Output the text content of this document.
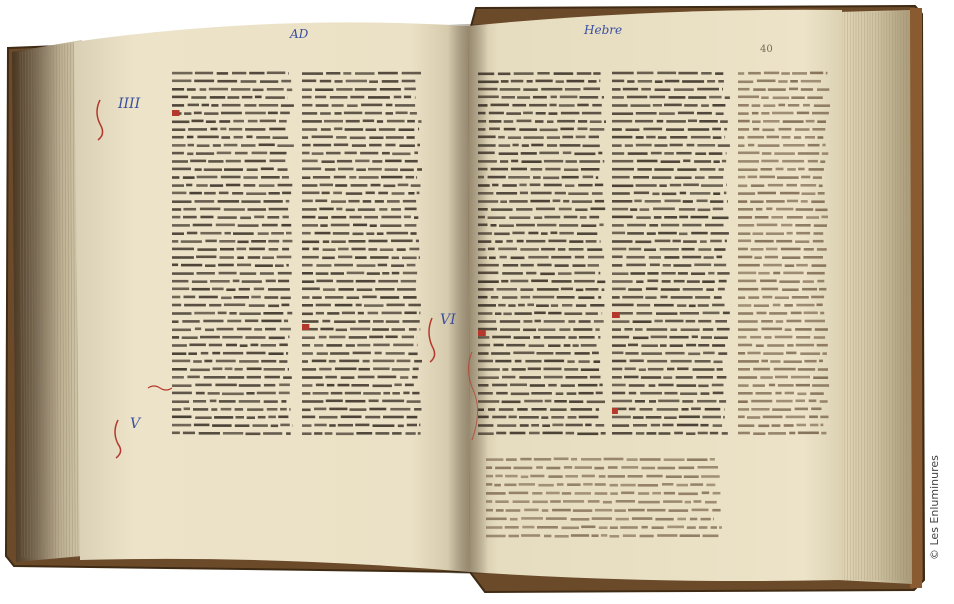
AD	Hebre
40
IIII
V
VI
© Les Enluminures
